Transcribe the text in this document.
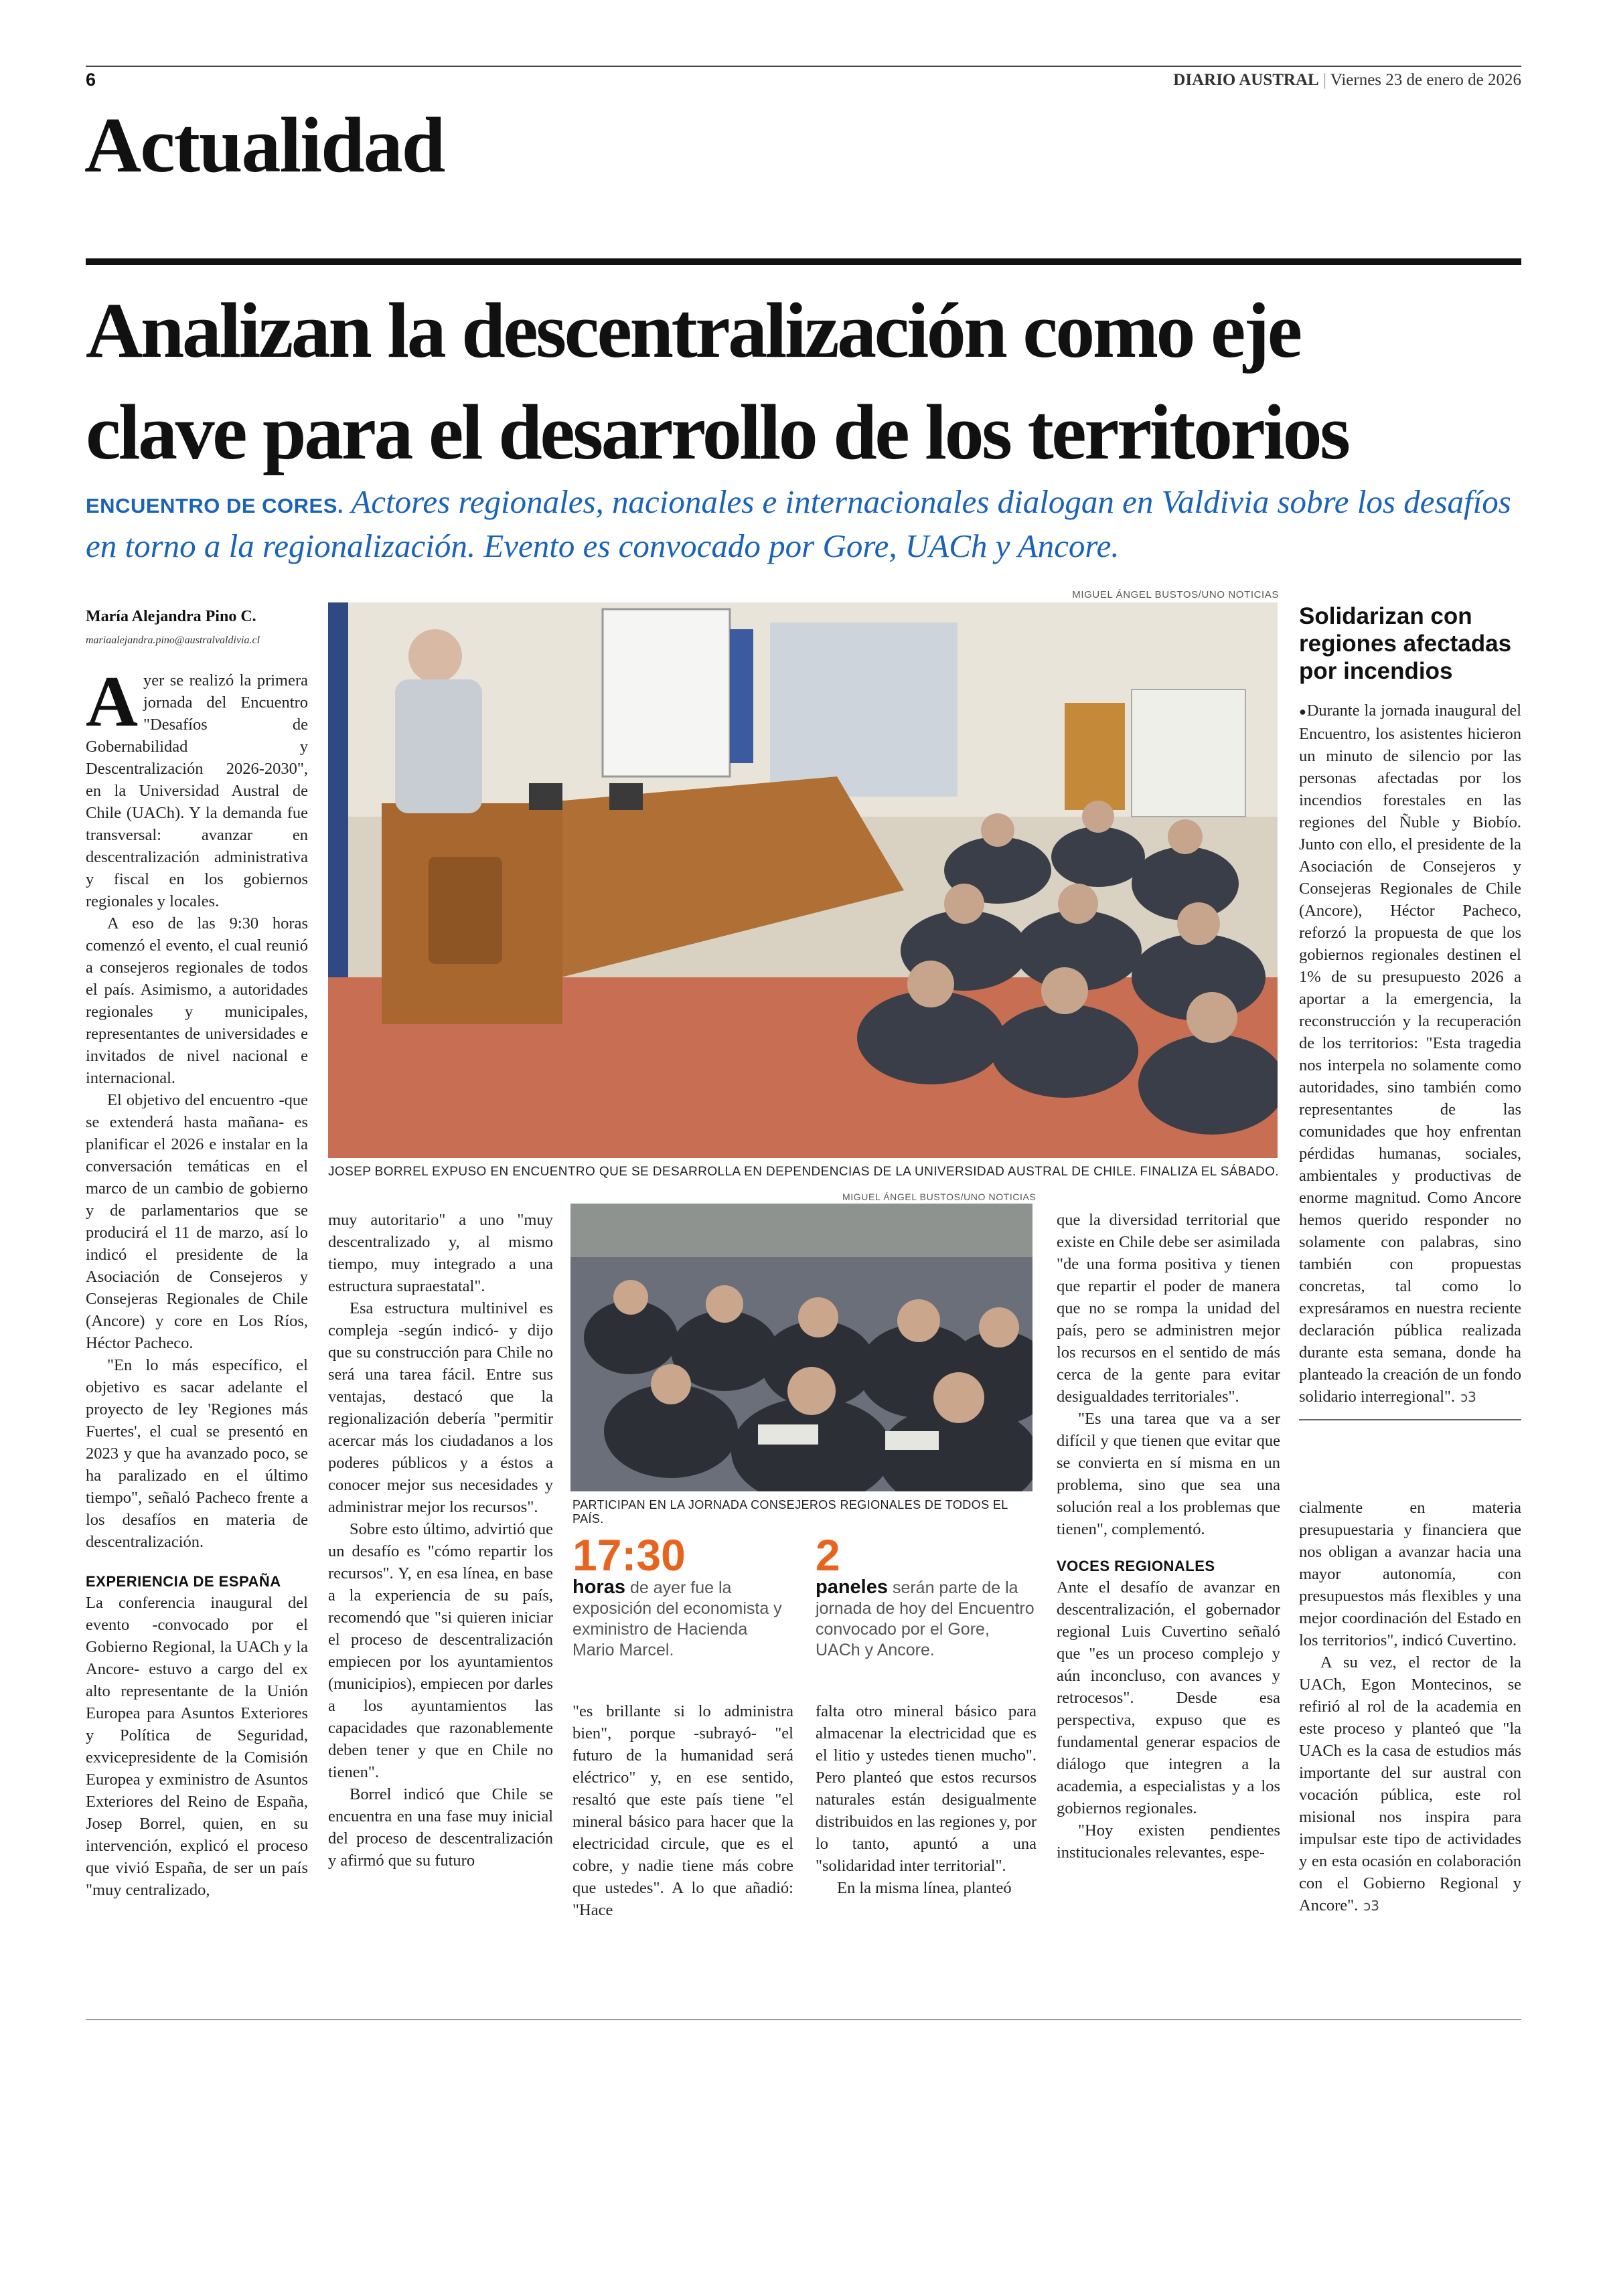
6	DIARIO AUSTRAL | Viernes 23 de enero de 2026
Actualidad
Analizan la descentralización como eje
clave para el desarrollo de los territorios
ENCUENTRO DE CORES. Actores regionales, nacionales e internacionales dialogan en Valdivia sobre los desafíos en torno a la regionalización. Evento es convocado por Gore, UACh y Ancore.
María Alejandra Pino C.
mariaalejandra.pino@australvaldivia.cl

Ayer se realizó la primera jornada del Encuentro "Desafíos de Gobernabilidad y Descentralización 2026-2030", en la Universidad Austral de Chile (UACh). Y la demanda fue transversal: avanzar en descentralización administrativa y fiscal en los gobiernos regionales y locales.

A eso de las 9:30 horas comenzó el evento, el cual reunió a consejeros regionales de todos el país. Asimismo, a autoridades regionales y municipales, representantes de universidades e invitados de nivel nacional e internacional.

El objetivo del encuentro -que se extenderá hasta mañana- es planificar el 2026 e instalar en la conversación temáticas en el marco de un cambio de gobierno y de parlamentarios que se producirá el 11 de marzo, así lo indicó el presidente de la Asociación de Consejeros y Consejeras Regionales de Chile (Ancore) y core en Los Ríos, Héctor Pacheco.

"En lo más específico, el objetivo es sacar adelante el proyecto de ley 'Regiones más Fuertes', el cual se presentó en 2023 y que ha avanzado poco, se ha paralizado en el último tiempo", señaló Pacheco frente a los desafíos en materia de descentralización.

EXPERIENCIA DE ESPAÑA

La conferencia inaugural del evento -convocado por el Gobierno Regional, la UACh y la Ancore- estuvo a cargo del ex alto representante de la Unión Europea para Asuntos Exteriores y Política de Seguridad, exvicepresidente de la Comisión Europea y exministro de Asuntos Exteriores del Reino de España, Josep Borrel, quien, en su intervención, explicó el proceso que vivió España, de ser un país "muy centralizado,

MIGUEL ÁNGEL BUSTOS/UNO NOTICIAS
JOSEP BORREL EXPUSO EN ENCUENTRO QUE SE DESARROLLA EN DEPENDENCIAS DE LA UNIVERSIDAD AUSTRAL DE CHILE. FINALIZA EL SÁBADO.
MIGUEL ÁNGEL BUSTOS/UNO NOTICIAS
PARTICIPAN EN LA JORNADA CONSEJEROS REGIONALES DE TODOS EL PAÍS.

muy autoritario" a uno "muy descentralizado y, al mismo tiempo, muy integrado a una estructura supraestatal".

Esa estructura multinivel es compleja -según indicó- y dijo que su construcción para Chile no será una tarea fácil. Entre sus ventajas, destacó que la regionalización debería "permitir acercar más los ciudadanos a los poderes públicos y a éstos a conocer mejor sus necesidades y administrar mejor los recursos".

Sobre esto último, advirtió que un desafío es "cómo repartir los recursos". Y, en esa línea, en base a la experiencia de su país, recomendó que "si quieren iniciar el proceso de descentralización empiecen por los ayuntamientos (municipios), empiecen por darles a los ayuntamientos las capacidades que razonablemente deben tener y que en Chile no tienen".

Borrel indicó que Chile se encuentra en una fase muy inicial del proceso de descentralización y afirmó que su futuro

17:30
horas de ayer fue la exposición del economista y exministro de Hacienda Mario Marcel.
2
paneles serán parte de la jornada de hoy del Encuentro convocado por el Gore, UACh y Ancore.

"es brillante si lo administra bien", porque -subrayó- "el futuro de la humanidad será eléctrico" y, en ese sentido, resaltó que este país tiene "el mineral básico para hacer que la electricidad circule, que es el cobre, y nadie tiene más cobre que ustedes". A lo que añadió: "Hace

falta otro mineral básico para almacenar la electricidad que es el litio y ustedes tienen mucho". Pero planteó que estos recursos naturales están desigualmente distribuidos en las regiones y, por lo tanto, apuntó a una "solidaridad inter territorial".

En la misma línea, planteó

que la diversidad territorial que existe en Chile debe ser asimilada "de una forma positiva y tienen que repartir el poder de manera que no se rompa la unidad del país, pero se administren mejor los recursos en el sentido de más cerca de la gente para evitar desigualdades territoriales".

"Es una tarea que va a ser difícil y que tienen que evitar que se convierta en sí misma en un problema, sino que sea una solución real a los problemas que tienen", complementó.

VOCES REGIONALES

Ante el desafío de avanzar en descentralización, el gobernador regional Luis Cuvertino señaló que "es un proceso complejo y aún inconcluso, con avances y retrocesos". Desde esa perspectiva, expuso que es fundamental generar espacios de diálogo que integren a la academia, a especialistas y a los gobiernos regionales.

"Hoy existen pendientes institucionales relevantes, espe-

Solidarizan con regiones afectadas por incendios

●Durante la jornada inaugural del Encuentro, los asistentes hicieron un minuto de silencio por las personas afectadas por los incendios forestales en las regiones del Ñuble y Biobío. Junto con ello, el presidente de la Asociación de Consejeros y Consejeras Regionales de Chile (Ancore), Héctor Pacheco, reforzó la propuesta de que los gobiernos regionales destinen el 1% de su presupuesto 2026 a aportar a la emergencia, la reconstrucción y la recuperación de los territorios: "Esta tragedia nos interpela no solamente como autoridades, sino también como representantes de las comunidades que hoy enfrentan pérdidas humanas, sociales, ambientales y productivas de enorme magnitud. Como Ancore hemos querido responder no solamente con palabras, sino también con propuestas concretas, tal como lo expresáramos en nuestra reciente declaración pública realizada durante esta semana, donde ha planteado la creación de un fondo solidario interregional". ↄ3

cialmente en materia presupuestaria y financiera que nos obligan a avanzar hacia una mayor autonomía, con presupuestos más flexibles y una mejor coordinación del Estado en los territorios", indicó Cuvertino.

A su vez, el rector de la UACh, Egon Montecinos, se refirió al rol de la academia en este proceso y planteó que "la UACh es la casa de estudios más importante del sur austral con vocación pública, este rol misional nos inspira para impulsar este tipo de actividades y en esta ocasión en colaboración con el Gobierno Regional y Ancore". ↄ3
